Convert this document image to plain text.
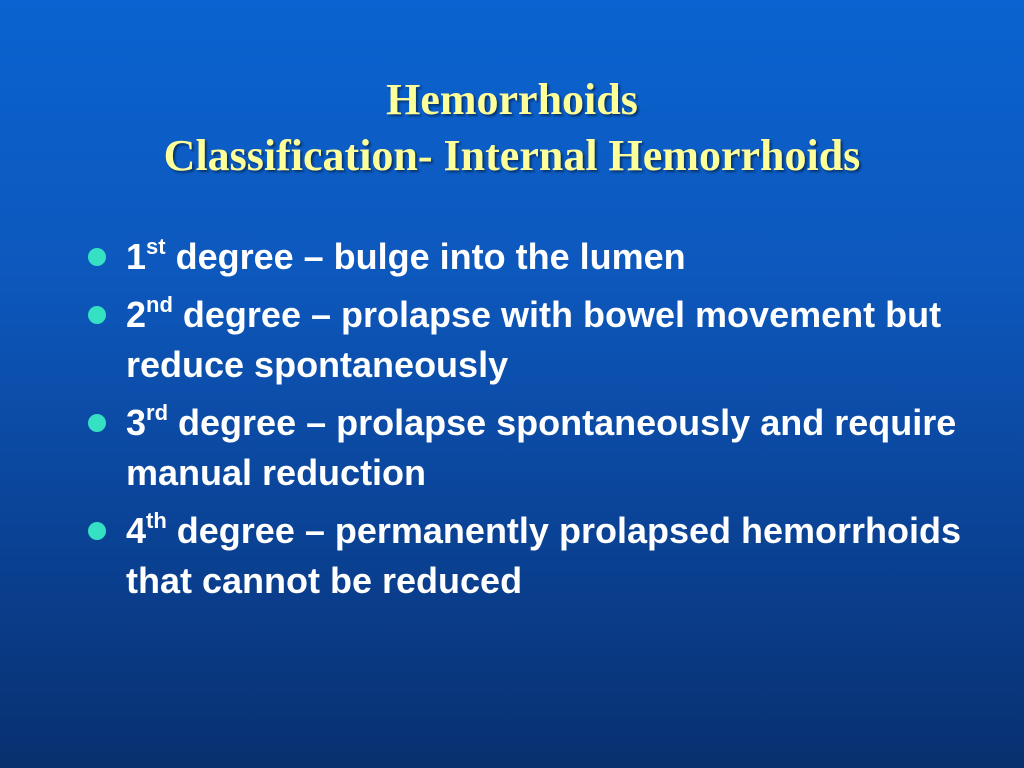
Hemorrhoids
Classification- Internal Hemorrhoids
1st degree – bulge into the lumen
2nd degree – prolapse with bowel movement but reduce spontaneously
3rd degree – prolapse spontaneously and require manual reduction
4th degree – permanently prolapsed hemorrhoids that cannot be reduced
